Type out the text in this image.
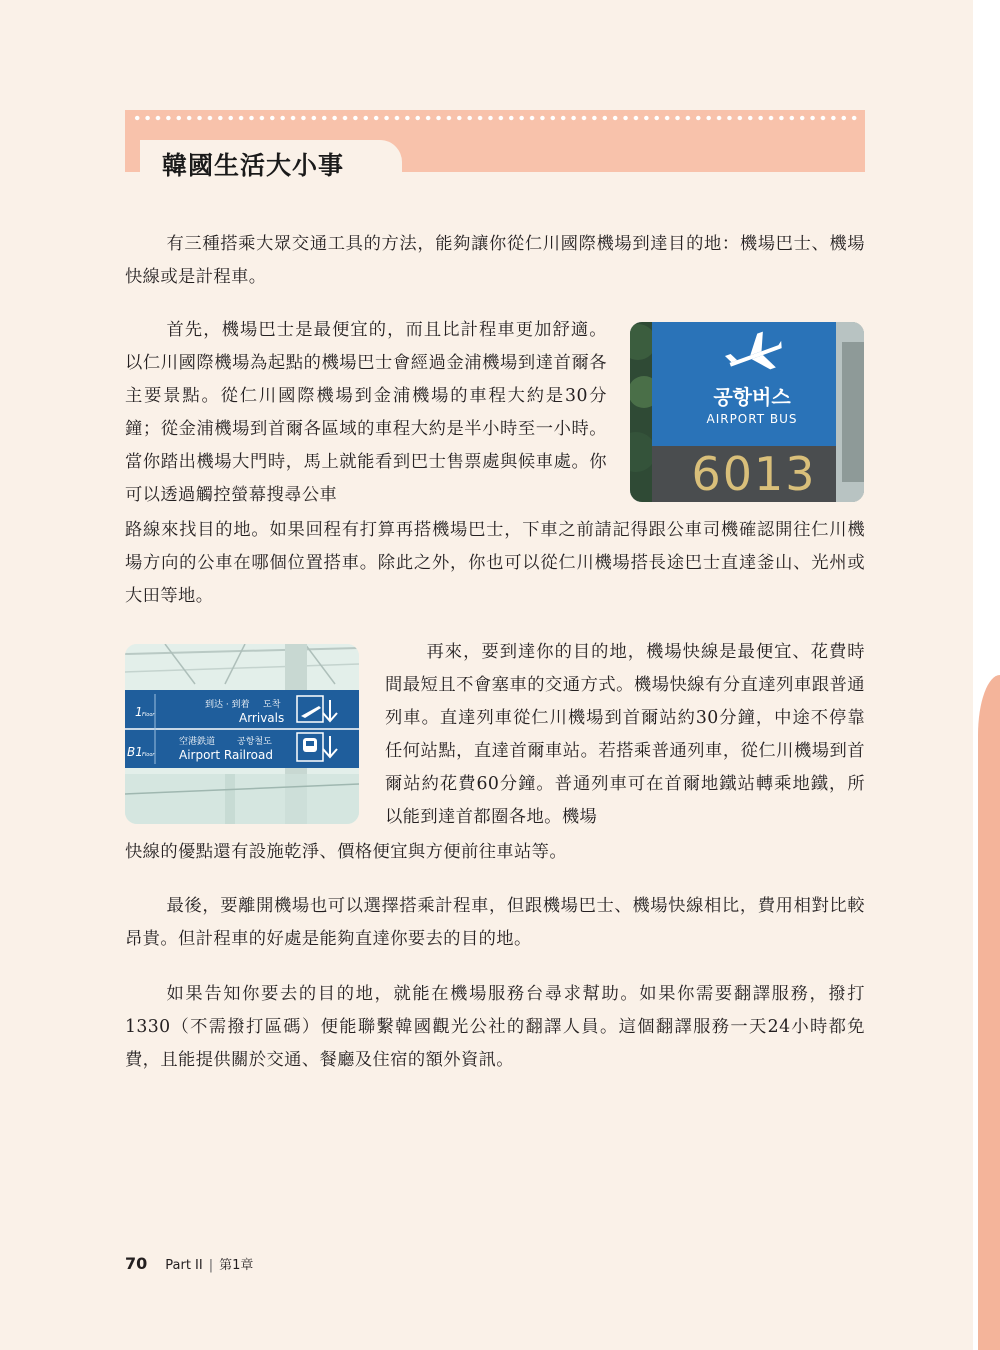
韓國生活大小事

有三種搭乘大眾交通工具的方法，能夠讓你從仁川國際機場到達目的地：機場巴士、機場快線或是計程車。

首先，機場巴士是最便宜的，而且比計程車更加舒適。以仁川國際機場為起點的機場巴士會經過金浦機場到達首爾各主要景點。從仁川國際機場到金浦機場的車程大約是30分鐘；從金浦機場到首爾各區域的車程大約是半小時至一小時。當你踏出機場大門時，馬上就能看到巴士售票處與候車處。你可以透過觸控螢幕搜尋公車

路線來找目的地。如果回程有打算再搭機場巴士，下車之前請記得跟公車司機確認開往仁川機場方向的公車在哪個位置搭車。除此之外，你也可以從仁川機場搭長途巴士直達釜山、光州或大田等地。

공항버스
AIRPORT BUS
6013

再來，要到達你的目的地，機場快線是最便宜、花費時間最短且不會塞車的交通方式。機場快線有分直達列車跟普通列車。直達列車從仁川機場到首爾站約30分鐘，中途不停靠任何站點，直達首爾車站。若搭乘普通列車，從仁川機場到首爾站約花費60分鐘。普通列車可在首爾地鐵站轉乘地鐵，所以能到達首都圈各地。機場

快線的優點還有設施乾淨、價格便宜與方便前往車站等。

1 Floor
到达 · 到着 도착
Arrivals
B1 Floor
空港鉄道 공항철도
Airport Railroad

最後，要離開機場也可以選擇搭乘計程車，但跟機場巴士、機場快線相比，費用相對比較昂貴。但計程車的好處是能夠直達你要去的目的地。

如果告知你要去的目的地，就能在機場服務台尋求幫助。如果你需要翻譯服務，撥打1330（不需撥打區碼）便能聯繫韓國觀光公社的翻譯人員。這個翻譯服務一天24小時都免費，且能提供關於交通、餐廳及住宿的額外資訊。

70 Part II | 第1章
